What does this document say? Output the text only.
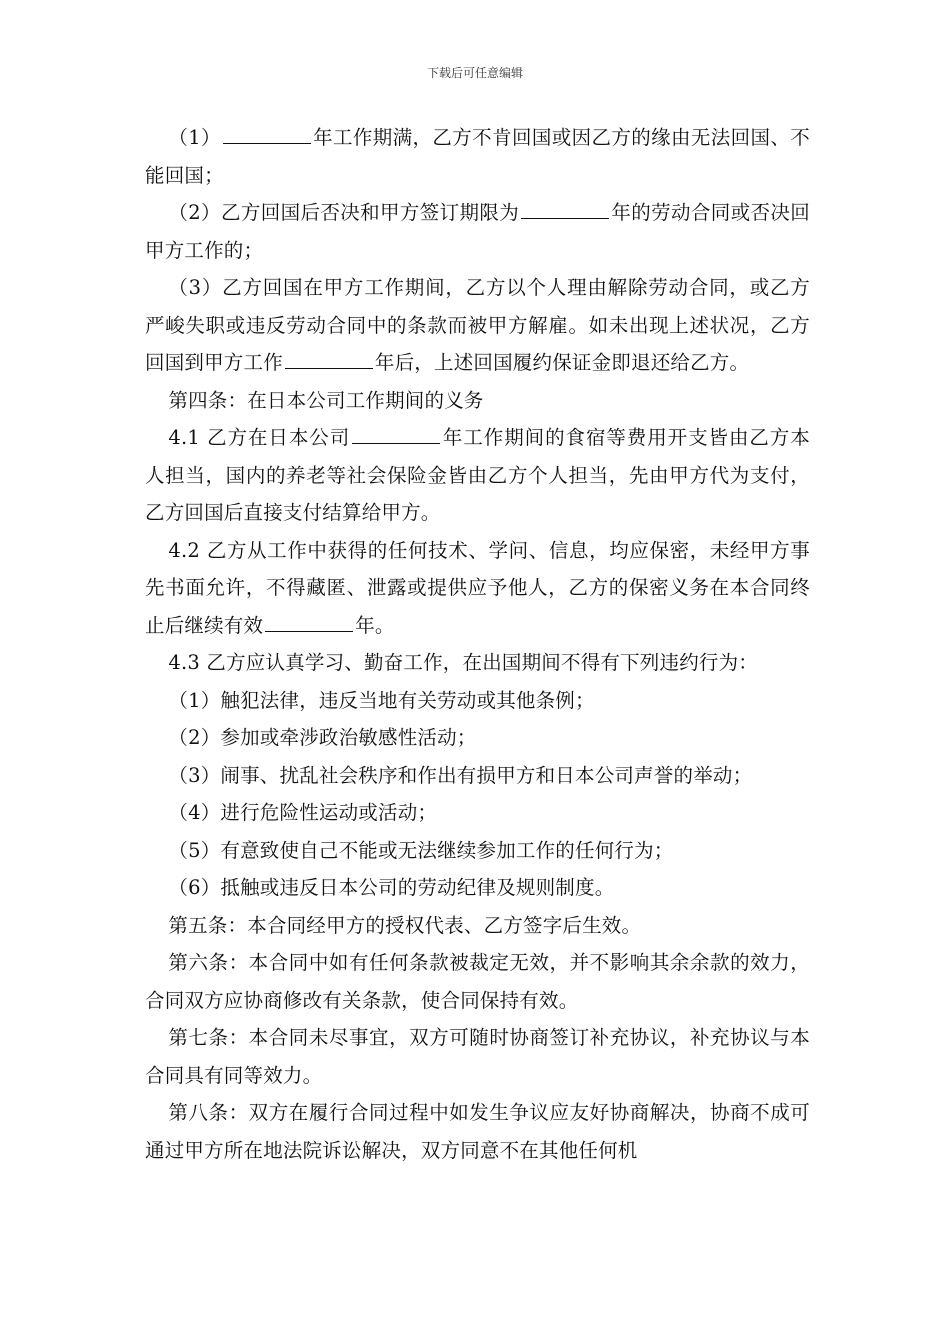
下载后可任意编辑

（1）	年工作期满，乙方不肯回国或因乙方的缘由无法回国、不能回国；

（2）乙方回国后否决和甲方签订期限为	年的劳动合同或否决回甲方工作的；

（3）乙方回国在甲方工作期间，乙方以个人理由解除劳动合同，或乙方严峻失职或违反劳动合同中的条款而被甲方解雇。如未出现上述状况，乙方回国到甲方工作	年后，上述回国履约保证金即退还给乙方。

第四条：在日本公司工作期间的义务

4.1 乙方在日本公司	年工作期间的食宿等费用开支皆由乙方本人担当，国内的养老等社会保险金皆由乙方个人担当，先由甲方代为支付，乙方回国后直接支付结算给甲方。

4.2 乙方从工作中获得的任何技术、学问、信息，均应保密，未经甲方事先书面允许，不得藏匿、泄露或提供应予他人，乙方的保密义务在本合同终止后继续有效	年。

4.3 乙方应认真学习、勤奋工作，在出国期间不得有下列违约行为：

（1）触犯法律，违反当地有关劳动或其他条例；

（2）参加或牵涉政治敏感性活动；

（3）闹事、扰乱社会秩序和作出有损甲方和日本公司声誉的举动；

（4）进行危险性运动或活动；

（5）有意致使自己不能或无法继续参加工作的任何行为；

（6）抵触或违反日本公司的劳动纪律及规则制度。

第五条：本合同经甲方的授权代表、乙方签字后生效。

第六条：本合同中如有任何条款被裁定无效，并不影响其余余款的效力，合同双方应协商修改有关条款，使合同保持有效。

第七条：本合同未尽事宜，双方可随时协商签订补充协议，补充协议与本合同具有同等效力。

第八条：双方在履行合同过程中如发生争议应友好协商解决，协商不成可通过甲方所在地法院诉讼解决，双方同意不在其他任何机
